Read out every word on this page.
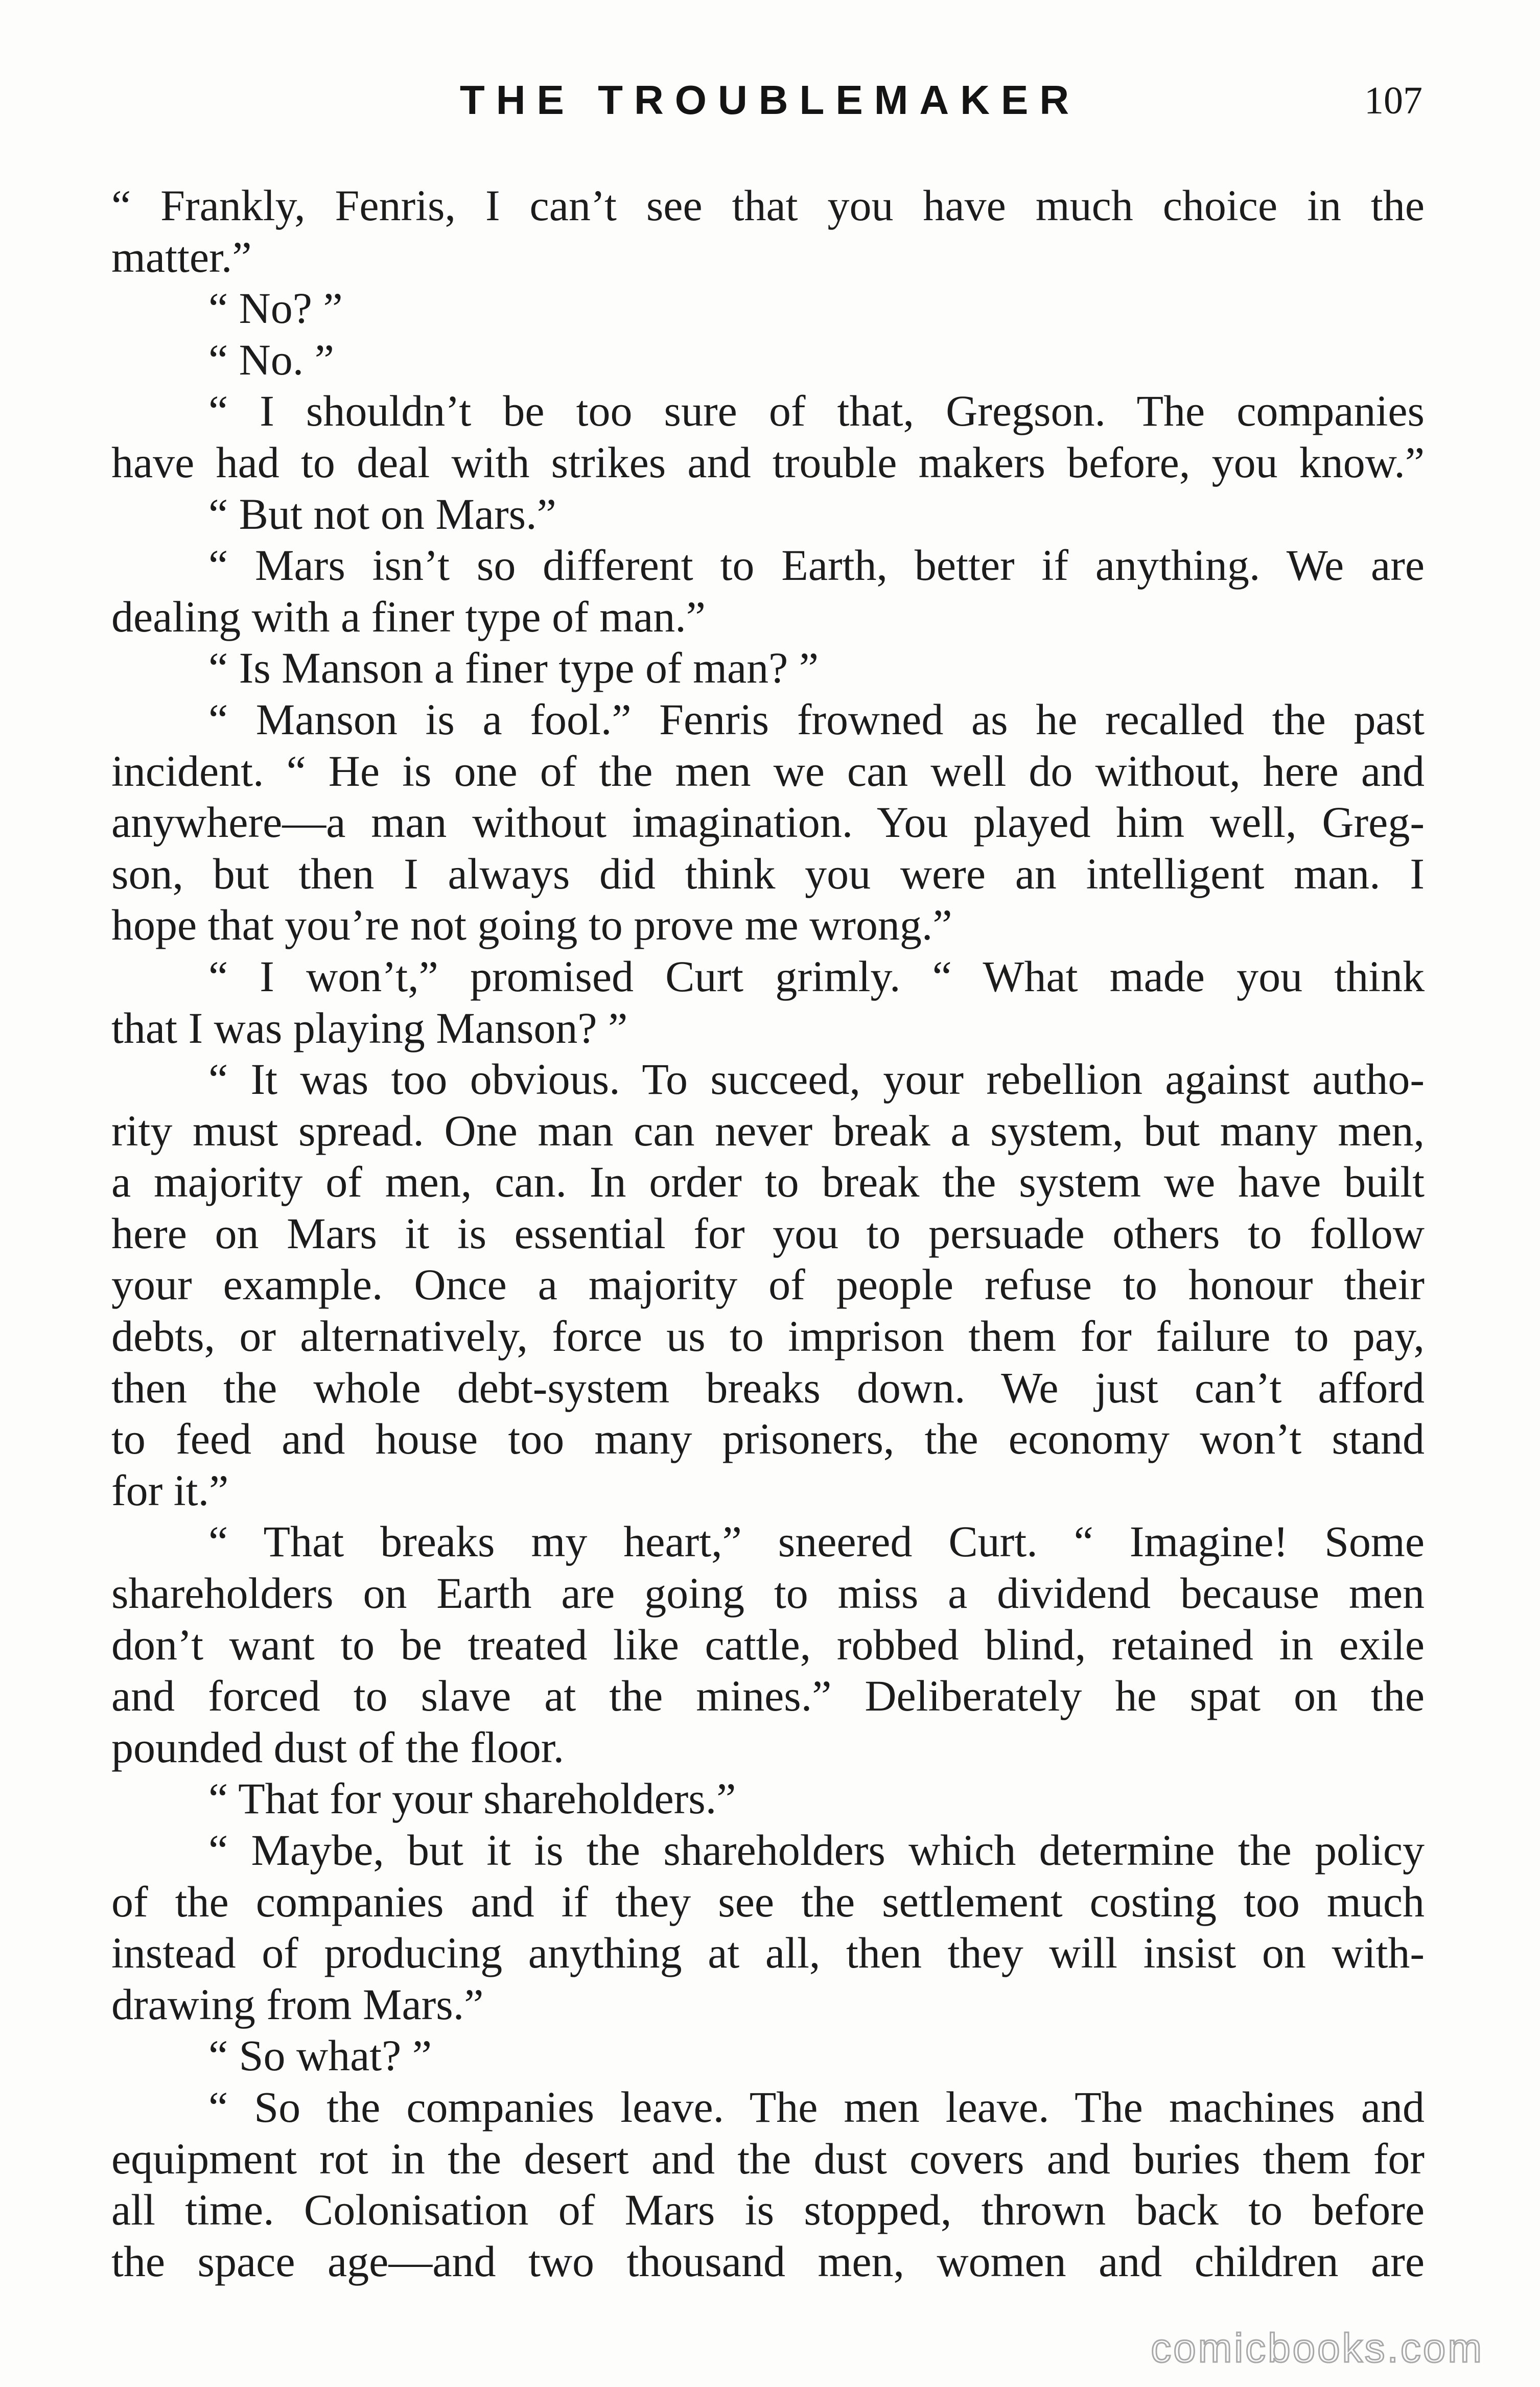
THE TROUBLEMAKER	107
“ Frankly, Fenris, I can’t see that you have much choice in the
matter.”
“ No? ”
“ No. ”
“ I shouldn’t be too sure of that, Gregson. The companies
have had to deal with strikes and trouble makers before, you know.”
“ But not on Mars.”
“ Mars isn’t so different to Earth, better if anything. We are
dealing with a finer type of man.”
“ Is Manson a finer type of man? ”
“ Manson is a fool.” Fenris frowned as he recalled the past
incident. “ He is one of the men we can well do without, here and
anywhere—a man without imagination. You played him well, Greg-
son, but then I always did think you were an intelligent man. I
hope that you’re not going to prove me wrong.”
“ I won’t,” promised Curt grimly. “ What made you think
that I was playing Manson? ”
“ It was too obvious. To succeed, your rebellion against autho-
rity must spread. One man can never break a system, but many men,
a majority of men, can. In order to break the system we have built
here on Mars it is essential for you to persuade others to follow
your example. Once a majority of people refuse to honour their
debts, or alternatively, force us to imprison them for failure to pay,
then the whole debt-system breaks down. We just can’t afford
to feed and house too many prisoners, the economy won’t stand
for it.”
“ That breaks my heart,” sneered Curt. “ Imagine! Some
shareholders on Earth are going to miss a dividend because men
don’t want to be treated like cattle, robbed blind, retained in exile
and forced to slave at the mines.” Deliberately he spat on the
pounded dust of the floor.
“ That for your shareholders.”
“ Maybe, but it is the shareholders which determine the policy
of the companies and if they see the settlement costing too much
instead of producing anything at all, then they will insist on with-
drawing from Mars.”
“ So what? ”
“ So the companies leave. The men leave. The machines and
equipment rot in the desert and the dust covers and buries them for
all time. Colonisation of Mars is stopped, thrown back to before
the space age—and two thousand men, women and children are
comicbooks.com
